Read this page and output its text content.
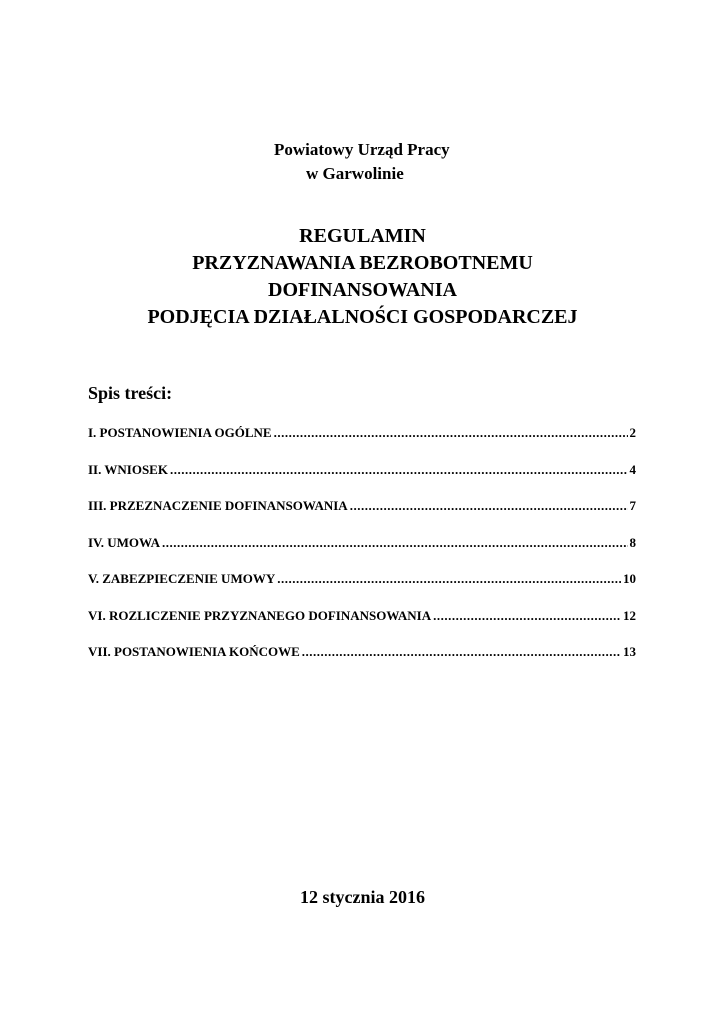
Powiatowy Urząd Pracy
w Garwolinie
REGULAMIN
PRZYZNAWANIA BEZROBOTNEMU
DOFINANSOWANIA
PODJĘCIA DZIAŁALNOŚCI GOSPODARCZEJ
Spis treści:
I. POSTANOWIENIA OGÓLNE .....	2
II. WNIOSEK .....	4
III. PRZEZNACZENIE DOFINANSOWANIA .....	7
IV. UMOWA .....	8
V. ZABEZPIECZENIE UMOWY .....	10
VI. ROZLICZENIE PRZYZNANEGO DOFINANSOWANIA .....	12
VII. POSTANOWIENIA KOŃCOWE .....	13
12 stycznia 2016
